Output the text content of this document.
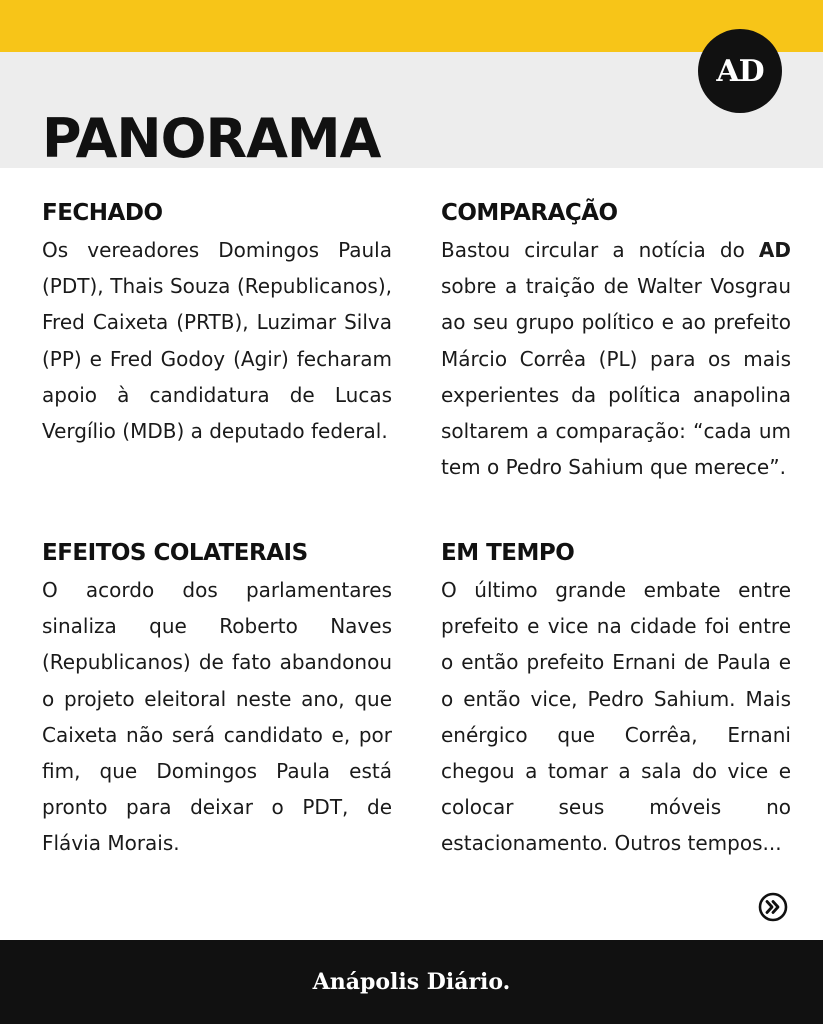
AD
PANORAMA
FECHADO

Os vereadores Domingos Paula (PDT), Thais Souza (Republicanos), Fred Caixeta (PRTB), Luzimar Silva (PP) e Fred Godoy (Agir) fecharam apoio à candidatura de Lucas Vergílio (MDB) a deputado federal.

COMPARAÇÃO

Bastou circular a notícia do AD sobre a traição de Walter Vosgrau ao seu grupo político e ao prefeito Márcio Corrêa (PL) para os mais experientes da política anapolina soltarem a comparação: “cada um tem o Pedro Sahium que merece”.

EFEITOS COLATERAIS

O acordo dos parlamentares sinaliza que Roberto Naves (Republicanos) de fato abandonou o projeto eleitoral neste ano, que Caixeta não será candidato e, por fim, que Domingos Paula está pronto para deixar o PDT, de Flávia Morais.

EM TEMPO

O último grande embate entre prefeito e vice na cidade foi entre o então prefeito Ernani de Paula e o então vice, Pedro Sahium. Mais enérgico que Corrêa, Ernani chegou a tomar a sala do vice e colocar seus móveis no estacionamento. Outros tempos...

Anápolis Diário.
